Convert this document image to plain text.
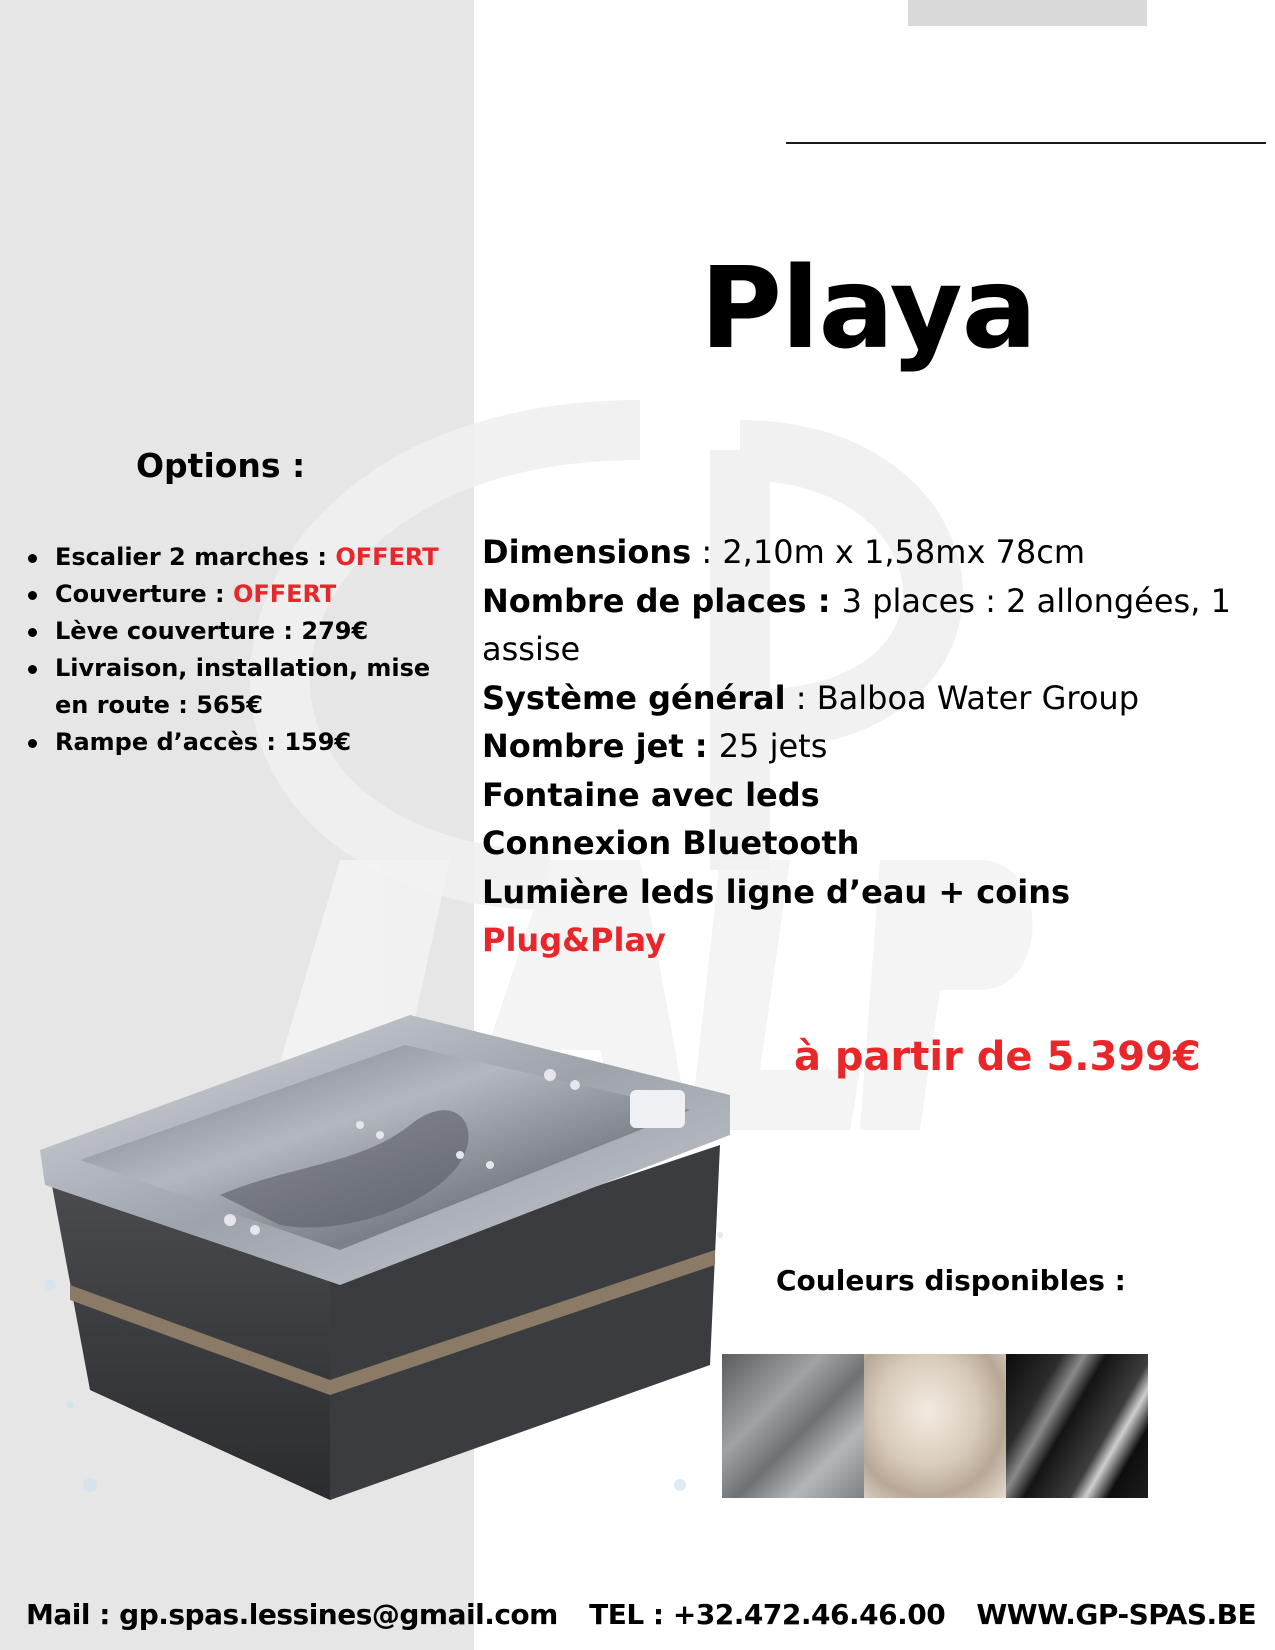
Playa
Options :
Escalier 2 marches : OFFERT
Couverture : OFFERT
Lève couverture : 279€
Livraison, installation, mise en route : 565€
Rampe d’accès : 159€
Dimensions : 2,10m x 1,58mx 78cm
Nombre de places : 3 places : 2 allongées, 1 assise
Système général : Balboa Water Group
Nombre jet : 25 jets
Fontaine avec leds
Connexion Bluetooth
Lumière leds ligne d’eau + coins
Plug&Play
à partir de 5.399€
Couleurs disponibles :
Mail : gp.spas.lessines@gmail.com TEL : +32.472.46.46.00 WWW.GP-SPAS.BE
